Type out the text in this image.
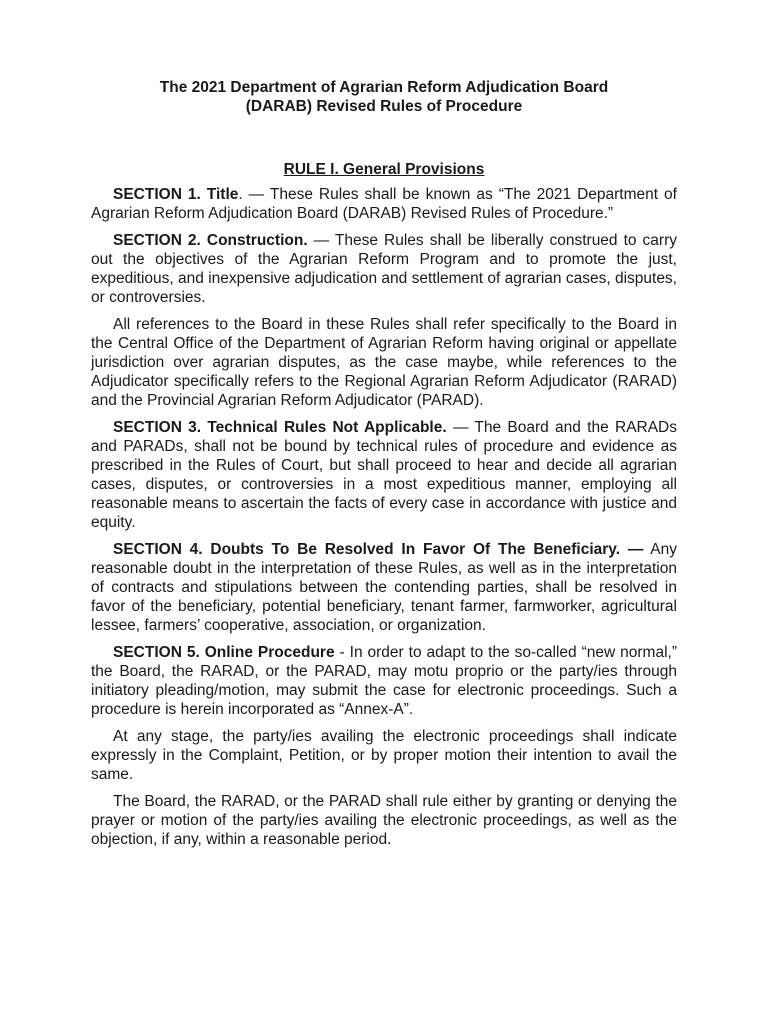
The 2021 Department of Agrarian Reform Adjudication Board
(DARAB) Revised Rules of Procedure

RULE I. General Provisions

SECTION 1. Title. — These Rules shall be known as “The 2021 Department of Agrarian Reform Adjudication Board (DARAB) Revised Rules of Procedure.”

SECTION 2. Construction. — These Rules shall be liberally construed to carry out the objectives of the Agrarian Reform Program and to promote the just, expeditious, and inexpensive adjudication and settlement of agrarian cases, disputes, or controversies.

All references to the Board in these Rules shall refer specifically to the Board in the Central Office of the Department of Agrarian Reform having original or appellate jurisdiction over agrarian disputes, as the case maybe, while references to the Adjudicator specifically refers to the Regional Agrarian Reform Adjudicator (RARAD) and the Provincial Agrarian Reform Adjudicator (PARAD).

SECTION 3. Technical Rules Not Applicable. — The Board and the RARADs and PARADs, shall not be bound by technical rules of procedure and evidence as prescribed in the Rules of Court, but shall proceed to hear and decide all agrarian cases, disputes, or controversies in a most expeditious manner, employing all reasonable means to ascertain the facts of every case in accordance with justice and equity.

SECTION 4. Doubts To Be Resolved In Favor Of The Beneficiary. — Any reasonable doubt in the interpretation of these Rules, as well as in the interpretation of contracts and stipulations between the contending parties, shall be resolved in favor of the beneficiary, potential beneficiary, tenant farmer, farmworker, agricultural lessee, farmers’ cooperative, association, or organization.

SECTION 5. Online Procedure - In order to adapt to the so-called “new normal,” the Board, the RARAD, or the PARAD, may motu proprio or the party/ies through initiatory pleading/motion, may submit the case for electronic proceedings. Such a procedure is herein incorporated as “Annex-A”.

At any stage, the party/ies availing the electronic proceedings shall indicate expressly in the Complaint, Petition, or by proper motion their intention to avail the same.

The Board, the RARAD, or the PARAD shall rule either by granting or denying the prayer or motion of the party/ies availing the electronic proceedings, as well as the objection, if any, within a reasonable period.
